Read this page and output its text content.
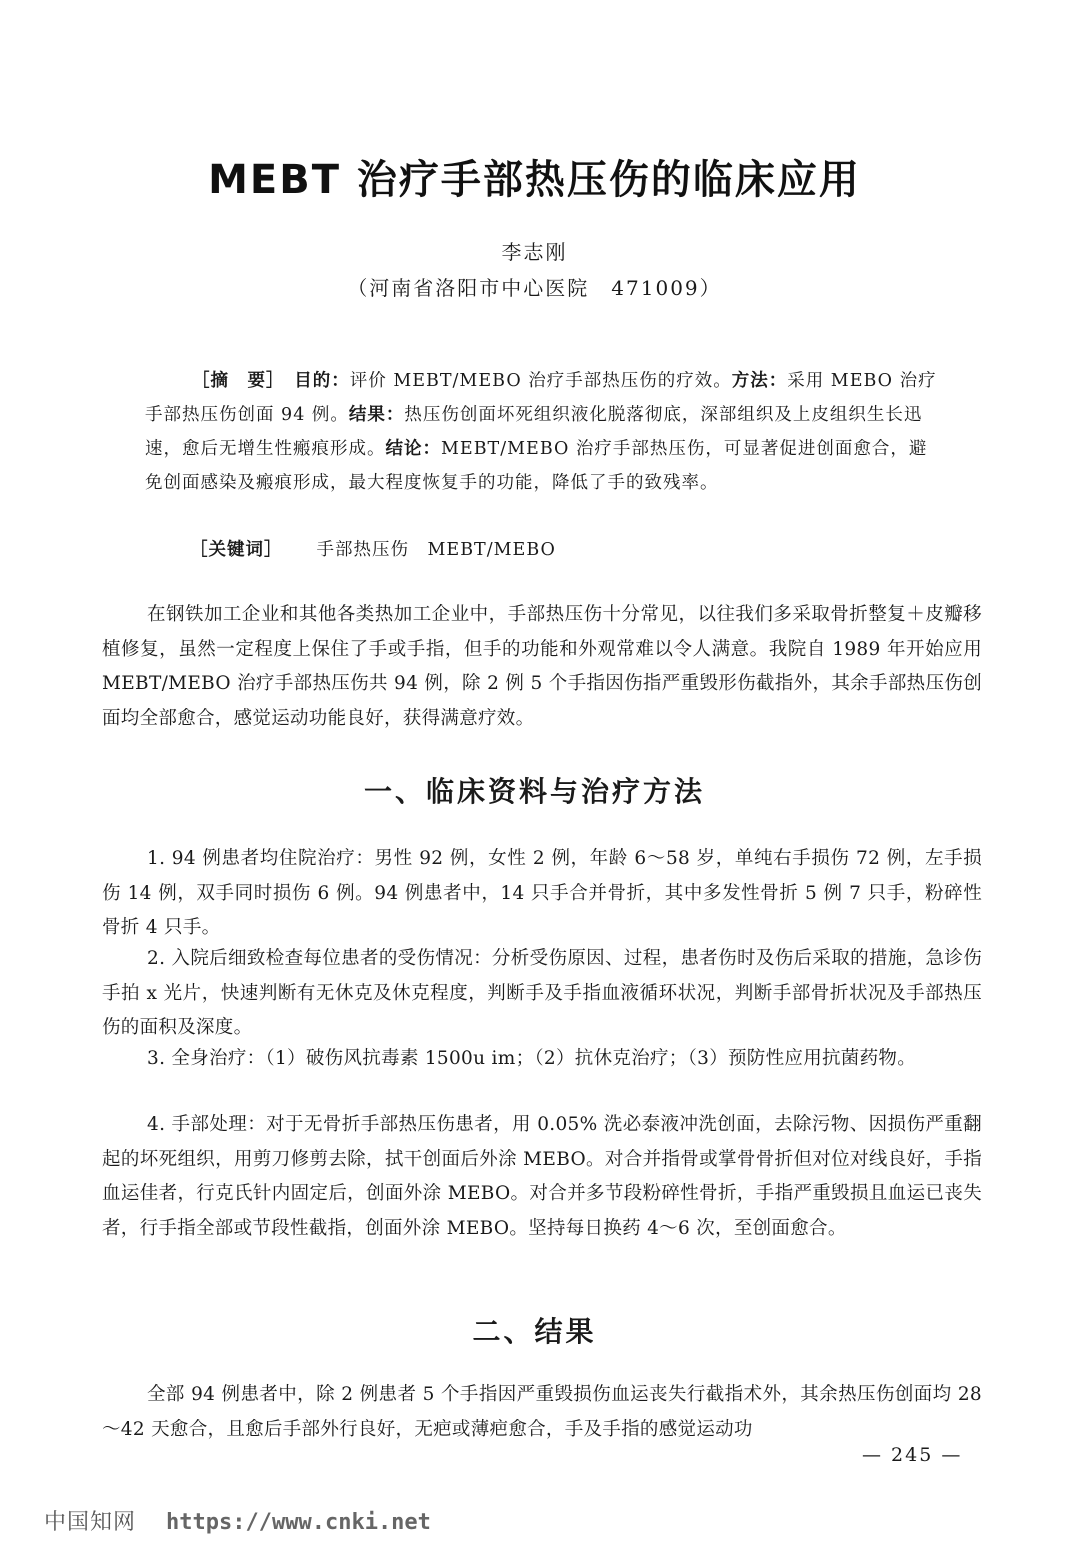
MEBT 治疗手部热压伤的临床应用
李志刚
（河南省洛阳市中心医院　471009）

［摘　要］　 目的：评价 MEBT/MEBO 治疗手部热压伤的疗效。方法：采用 MEBO 治疗手部热压伤创面 94 例。结果：热压伤创面坏死组织液化脱落彻底，深部组织及上皮组织生长迅速，愈后无增生性瘢痕形成。结论：MEBT/MEBO 治疗手部热压伤，可显著促进创面愈合，避免创面感染及瘢痕形成，最大程度恢复手的功能，降低了手的致残率。

［关键词］ 手部热压伤　MEBT/MEBO

在钢铁加工企业和其他各类热加工企业中，手部热压伤十分常见，以往我们多采取骨折整复＋皮瓣移植修复，虽然一定程度上保住了手或手指，但手的功能和外观常难以令人满意。我院自 1989 年开始应用 MEBT/MEBO 治疗手部热压伤共 94 例，除 2 例 5 个手指因伤指严重毁形伤截指外，其余手部热压伤创面均全部愈合，感觉运动功能良好，获得满意疗效。

一、临床资料与治疗方法

1. 94 例患者均住院治疗：男性 92 例，女性 2 例，年龄 6～58 岁，单纯右手损伤 72 例，左手损伤 14 例，双手同时损伤 6 例。94 例患者中，14 只手合并骨折，其中多发性骨折 5 例 7 只手，粉碎性骨折 4 只手。

2. 入院后细致检查每位患者的受伤情况：分析受伤原因、过程，患者伤时及伤后采取的措施，急诊伤手拍 x 光片，快速判断有无休克及休克程度，判断手及手指血液循环状况，判断手部骨折状况及手部热压伤的面积及深度。

3. 全身治疗：（1）破伤风抗毒素 1500u im；（2）抗休克治疗；（3）预防性应用抗菌药物。

4. 手部处理：对于无骨折手部热压伤患者，用 0.05% 洗必泰液冲洗创面，去除污物、因损伤严重翻起的坏死组织，用剪刀修剪去除，拭干创面后外涂 MEBO。对合并指骨或掌骨骨折但对位对线良好，手指血运佳者，行克氏针内固定后，创面外涂 MEBO。对合并多节段粉碎性骨折，手指严重毁损且血运已丧失者，行手指全部或节段性截指，创面外涂 MEBO。坚持每日换药 4～6 次，至创面愈合。

二、结果

全部 94 例患者中，除 2 例患者 5 个手指因严重毁损伤血运丧失行截指术外，其余热压伤创面均 28～42 天愈合，且愈后手部外行良好，无疤或薄疤愈合，手及手指的感觉运动功

— 245 —
中国知网 https://www.cnki.net
